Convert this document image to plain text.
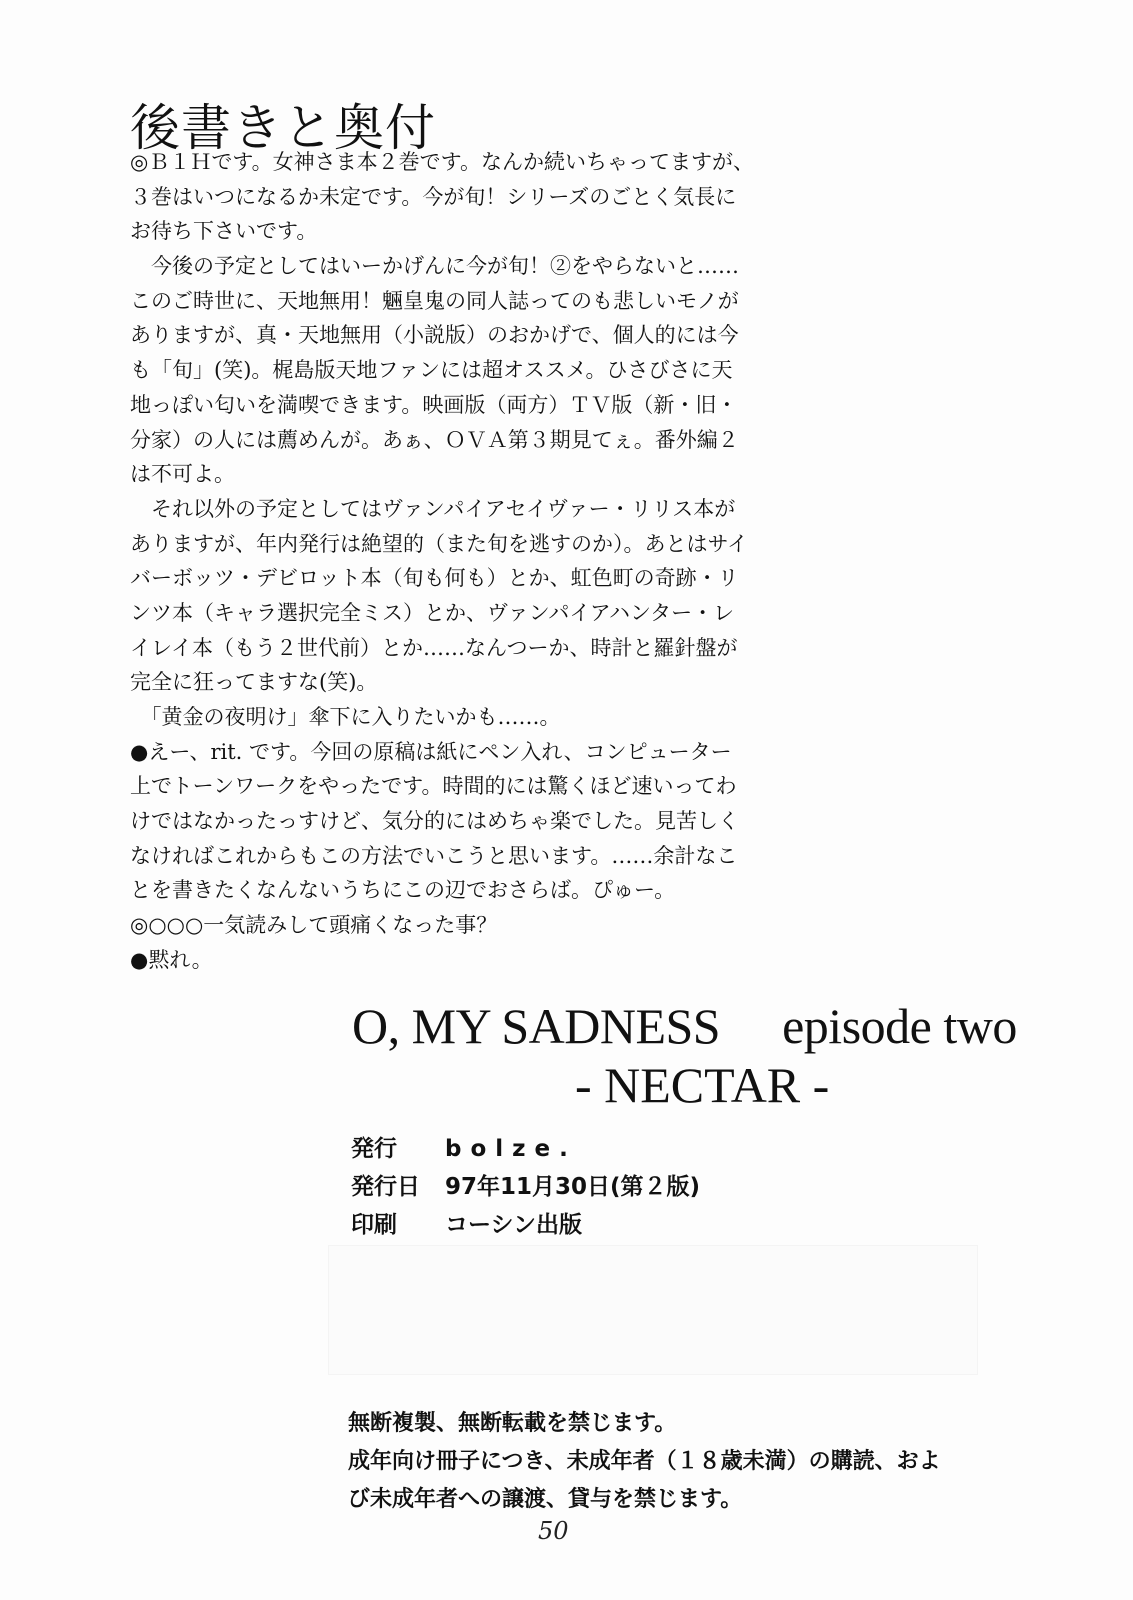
後書きと奥付
◎Ｂ１Ｈです。女神さま本２巻です。なんか続いちゃってますが、
３巻はいつになるか未定です。今が旬！シリーズのごとく気長に
お待ち下さいです。
　今後の予定としてはいーかげんに今が旬！②をやらないと……
このご時世に、天地無用！魎皇鬼の同人誌ってのも悲しいモノが
ありますが、真・天地無用（小説版）のおかげで、個人的には今
も「旬」(笑)。梶島版天地ファンには超オススメ。ひさびさに天
地っぽい匂いを満喫できます。映画版（両方）ＴＶ版（新・旧・
分家）の人には薦めんが。あぁ、ＯＶＡ第３期見てぇ。番外編２
は不可よ。
　それ以外の予定としてはヴァンパイアセイヴァー・リリス本が
ありますが、年内発行は絶望的（また旬を逃すのか）。あとはサイ
バーボッツ・デビロット本（旬も何も）とか、虹色町の奇跡・リ
ンツ本（キャラ選択完全ミス）とか、ヴァンパイアハンター・レ
イレイ本（もう２世代前）とか……なんつーか、時計と羅針盤が
完全に狂ってますな(笑)。
　「黄金の夜明け」傘下に入りたいかも……。
●えー、rit. です。今回の原稿は紙にペン入れ、コンピューター
上でトーンワークをやったです。時間的には驚くほど速いってわ
けではなかったっすけど、気分的にはめちゃ楽でした。見苦しく
なければこれからもこの方法でいこうと思います。……余計なこ
とを書きたくなんないうちにこの辺でおさらば。ぴゅー。
◎○○○一気読みして頭痛くなった事？
●黙れ。
O, MY SADNESS episode two
- NECTAR -
発行 bolze.
発行日 97年11月30日(第２版)
印刷 コーシン出版
無断複製、無断転載を禁じます。
成年向け冊子につき、未成年者（１８歳未満）の購読、およ
び未成年者への譲渡、貸与を禁じます。
50
